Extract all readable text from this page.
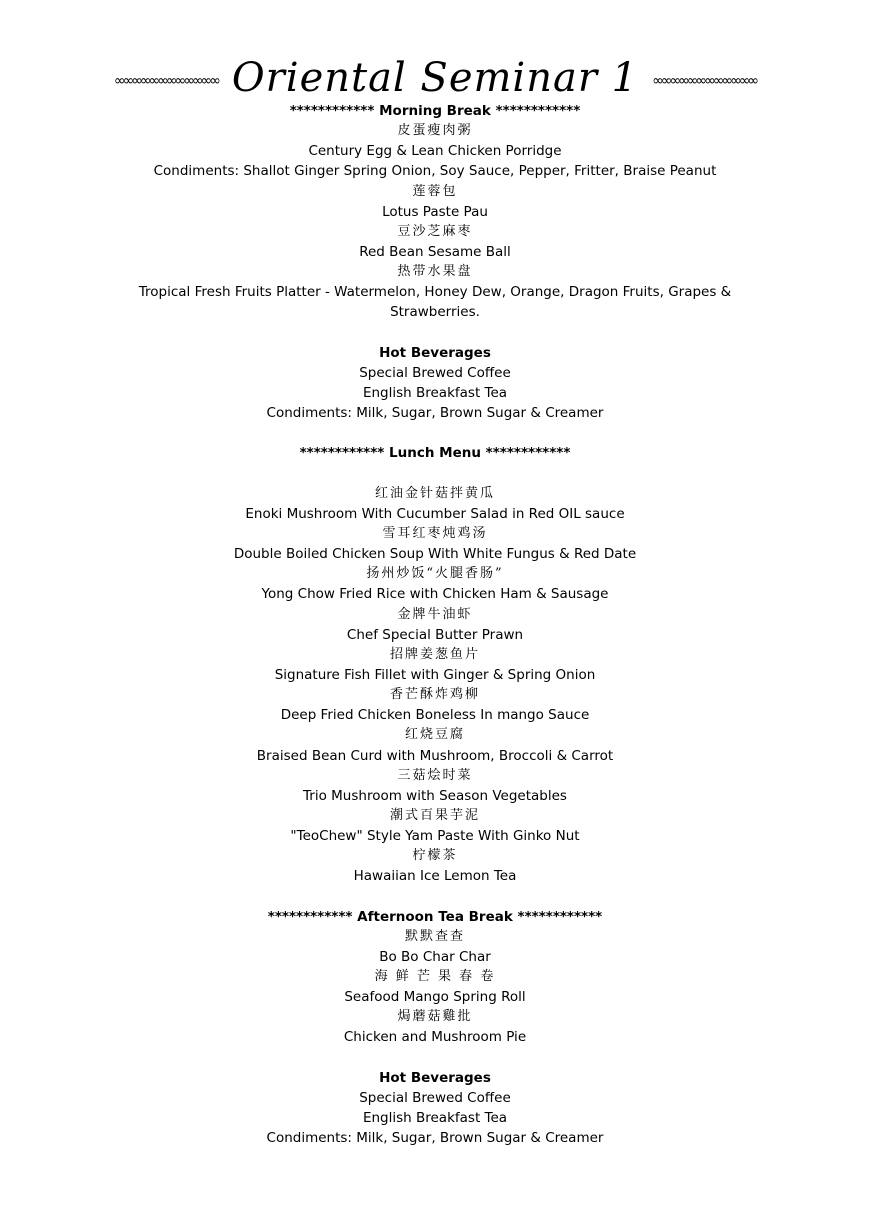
∞∞∞∞∞∞∞∞∞∞∞∞ Oriental Seminar 1 ∞∞∞∞∞∞∞∞∞∞∞∞
************ Morning Break ************
皮蛋瘦肉粥
Century Egg & Lean Chicken Porridge
Condiments: Shallot Ginger Spring Onion, Soy Sauce, Pepper, Fritter, Braise Peanut
莲蓉包
Lotus Paste Pau
豆沙芝麻枣
Red Bean Sesame Ball
热带水果盘
Tropical Fresh Fruits Platter - Watermelon, Honey Dew, Orange, Dragon Fruits, Grapes &
Strawberries.
Hot Beverages
Special Brewed Coffee
English Breakfast Tea
Condiments: Milk, Sugar, Brown Sugar & Creamer
************ Lunch Menu ************
红油金针菇拌黄瓜
Enoki Mushroom With Cucumber Salad in Red OIL sauce
雪耳红枣炖鸡汤
Double Boiled Chicken Soup With White Fungus & Red Date
扬州炒饭“火腿香肠”
Yong Chow Fried Rice with Chicken Ham & Sausage
金牌牛油虾
Chef Special Butter Prawn
招牌姜葱鱼片
Signature Fish Fillet with Ginger & Spring Onion
香芒酥炸鸡柳
Deep Fried Chicken Boneless In mango Sauce
红烧豆腐
Braised Bean Curd with Mushroom, Broccoli & Carrot
三菇烩时菜
Trio Mushroom with Season Vegetables
潮式百果芋泥
"TeoChew" Style Yam Paste With Ginko Nut
柠檬茶
Hawaiian Ice Lemon Tea
************ Afternoon Tea Break ************
默默查查
Bo Bo Char Char
海 鲜 芒 果 春 卷
Seafood Mango Spring Roll
焗蘑菇雞批
Chicken and Mushroom Pie
Hot Beverages
Special Brewed Coffee
English Breakfast Tea
Condiments: Milk, Sugar, Brown Sugar & Creamer
